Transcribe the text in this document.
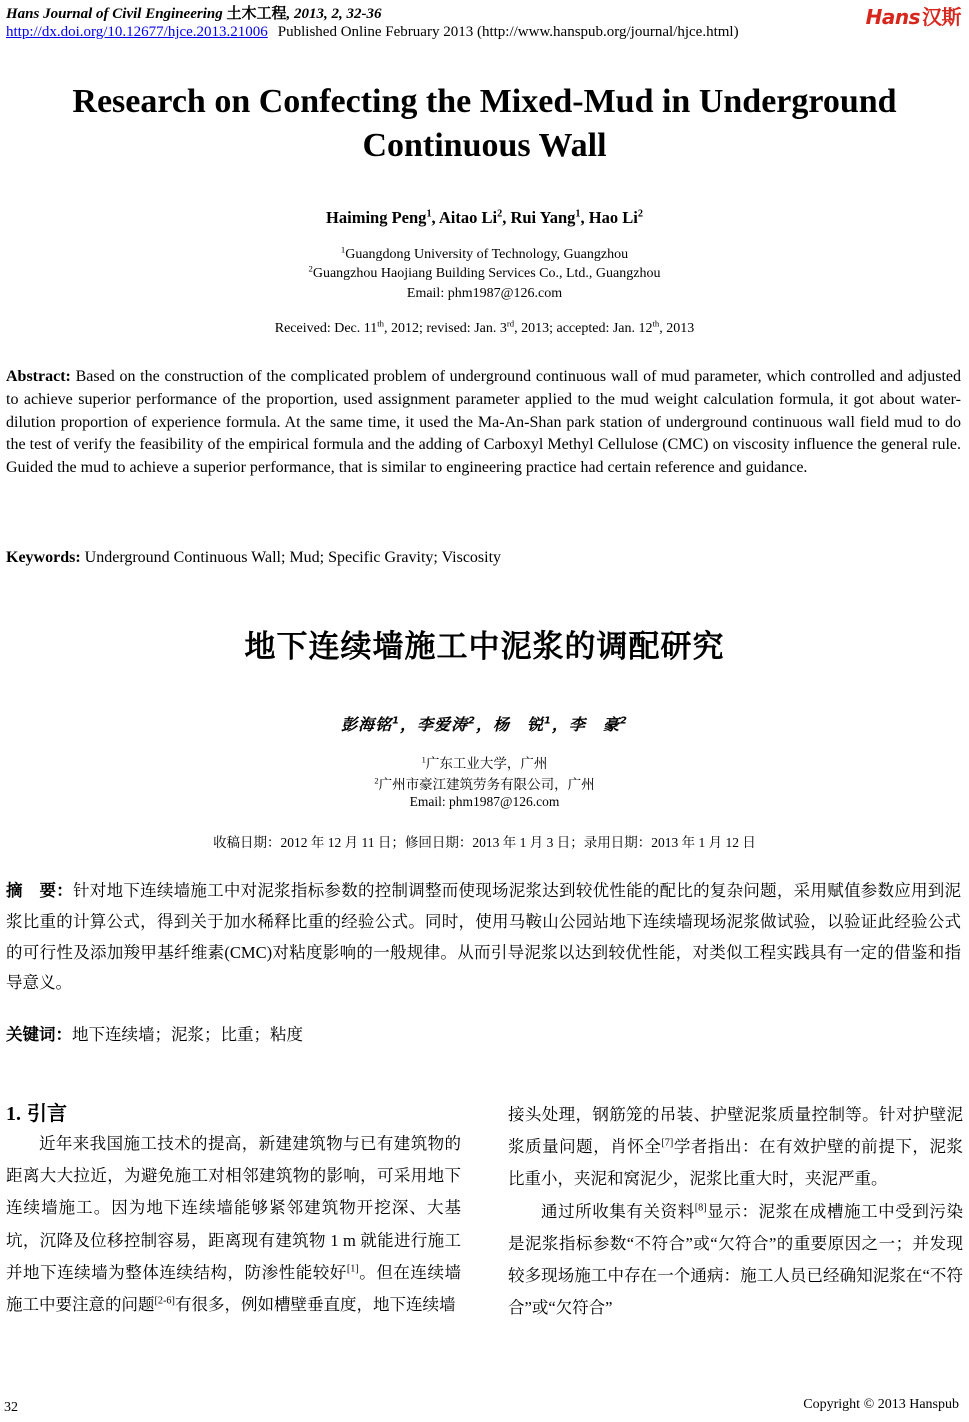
Hans Journal of Civil Engineering 土木工程, 2013, 2, 32-36
http://dx.doi.org/10.12677/hjce.2013.21006 Published Online February 2013 (http://www.hanspub.org/journal/hjce.html)
Hans 汉斯
Research on Confecting the Mixed-Mud in Underground
Continuous Wall
Haiming Peng$^1$, Aitao Li$^2$, Rui Yang$^1$, Hao Li$^2$
$^1$Guangdong University of Technology, Guangzhou
$^2$Guangzhou Haojiang Building Services Co., Ltd., Guangzhou
Email: phm1987@126.com
Received: Dec. 11th, 2012; revised: Jan. 3rd, 2013; accepted: Jan. 12th, 2013
Abstract: Based on the construction of the complicated problem of underground continuous wall of mud parameter, which controlled and adjusted to achieve superior performance of the proportion, used assignment parameter applied to the mud weight calculation formula, it got about water-dilution proportion of experience formula. At the same time, it used the Ma-An-Shan park station of underground continuous wall field mud to do the test of verify the feasibility of the empirical formula and the adding of Carboxyl Methyl Cellulose (CMC) on viscosity influence the general rule. Guided the mud to achieve a superior performance, that is similar to engineering practice had certain reference and guidance.
Keywords: Underground Continuous Wall; Mud; Specific Gravity; Viscosity
地下连续墙施工中泥浆的调配研究
彭海铭$^1$，李爱涛$^2$，杨　锐$^1$，李　豪$^2$
$^1$广东工业大学，广州
$^2$广州市豪江建筑劳务有限公司，广州
Email: phm1987@126.com
收稿日期：2012 年 12 月 11 日；修回日期：2013 年 1 月 3 日；录用日期：2013 年 1 月 12 日
摘　要：针对地下连续墙施工中对泥浆指标参数的控制调整而使现场泥浆达到较优性能的配比的复杂问题，采用赋值参数应用到泥浆比重的计算公式，得到关于加水稀释比重的经验公式。同时，使用马鞍山公园站地下连续墙现场泥浆做试验，以验证此经验公式的可行性及添加羧甲基纤维素(CMC)对粘度影响的一般规律。从而引导泥浆以达到较优性能，对类似工程实践具有一定的借鉴和指导意义。
关键词：地下连续墙；泥浆；比重；粘度
1. 引言

近年来我国施工技术的提高，新建建筑物与已有建筑物的距离大大拉近，为避免施工对相邻建筑物的影响，可采用地下连续墙施工。因为地下连续墙能够紧邻建筑物开挖深、大基坑，沉降及位移控制容易，距离现有建筑物 1 m 就能进行施工并地下连续墙为整体连续结构，防渗性能较好[1]。但在连续墙施工中要注意的问题[2-6]有很多，例如槽壁垂直度，地下连续墙

接头处理，钢筋笼的吊装、护壁泥浆质量控制等。针对护壁泥浆质量问题，肖怀全[7]学者指出：在有效护壁的前提下，泥浆比重小，夹泥和窝泥少，泥浆比重大时，夹泥严重。

通过所收集有关资料[8]显示：泥浆在成槽施工中受到污染是泥浆指标参数“不符合”或“欠符合”的重要原因之一；并发现较多现场施工中存在一个通病：施工人员已经确知泥浆在“不符合”或“欠符合”

32	Copyright © 2013 Hanspub
